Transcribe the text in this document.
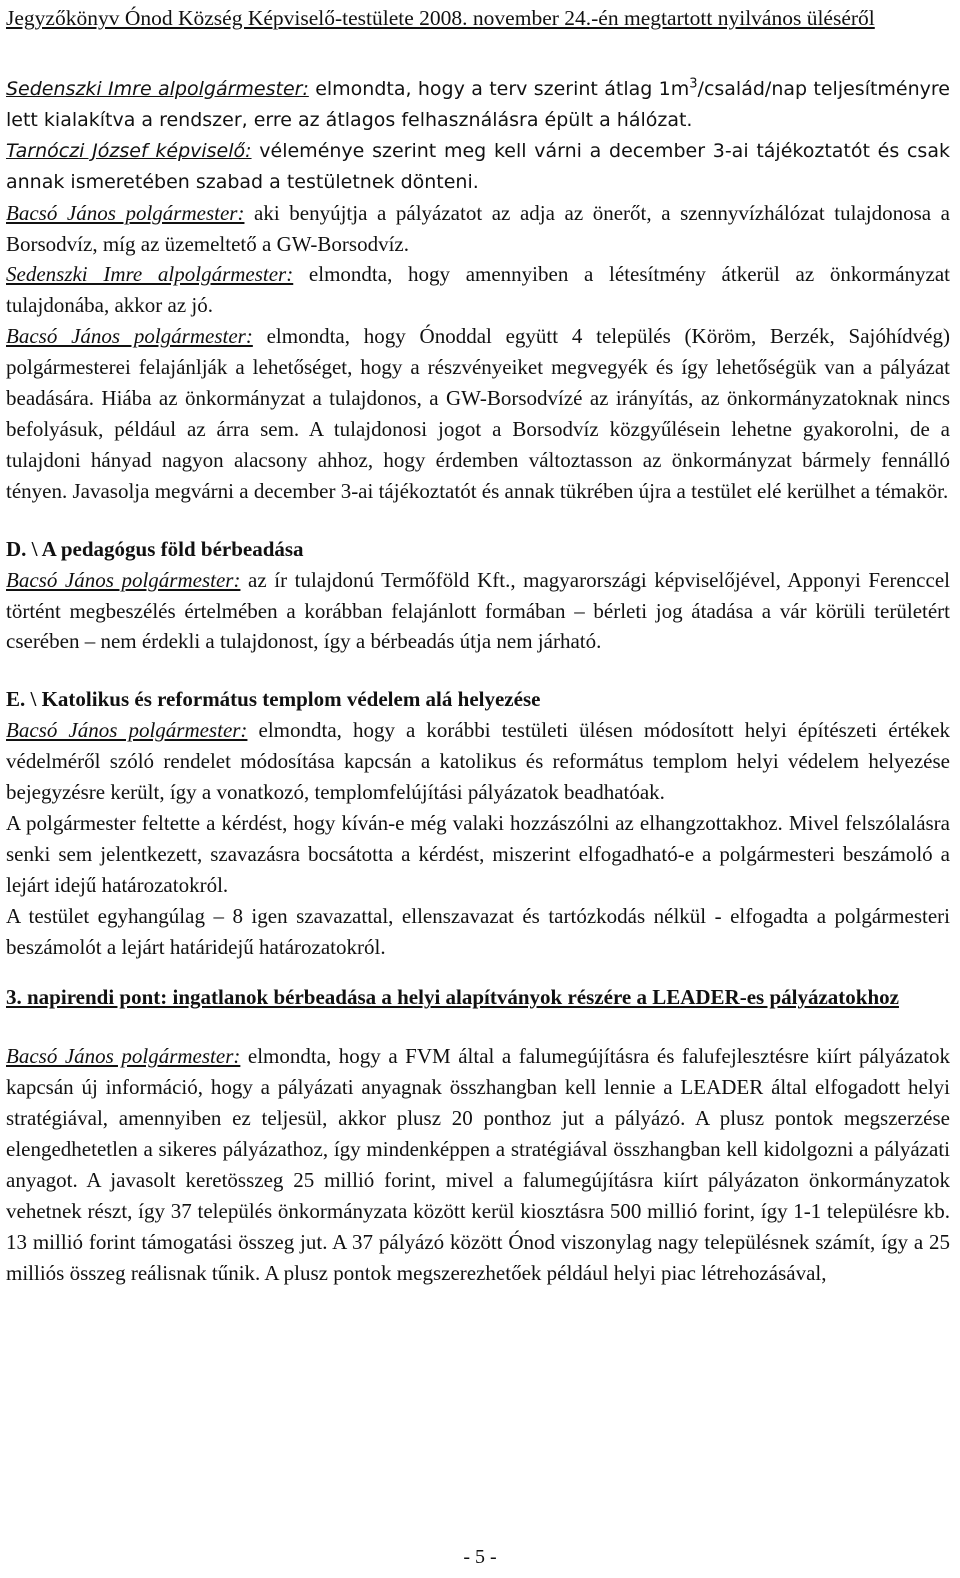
Jegyzőkönyv Ónod Község Képviselő-testülete 2008. november 24.-én megtartott nyilvános üléséről

Sedenszki Imre alpolgármester: elmondta, hogy a terv szerint átlag $1m^3/család$/nap teljesítményre lett kialakítva a rendszer, erre az átlagos felhasználásra épült a hálózat.

Tarnóczi József képviselő: véleménye szerint meg kell várni a december 3-ai tájékoztatót és csak annak ismeretében szabad a testületnek dönteni.

Bacsó János polgármester: aki benyújtja a pályázatot az adja az önerőt, a szennyvízhálózat tulajdonosa a Borsodvíz, míg az üzemeltető a GW-Borsodvíz.

Sedenszki Imre alpolgármester: elmondta, hogy amennyiben a létesítmény átkerül az önkormányzat tulajdonába, akkor az jó.

Bacsó János polgármester: elmondta, hogy Ónoddal együtt 4 település (Köröm, Berzék, Sajóhídvég) polgármesterei felajánlják a lehetőséget, hogy a részvényeiket megvegyék és így lehetőségük van a pályázat beadására. Hiába az önkormányzat a tulajdonos, a GW-Borsodvízé az irányítás, az önkormányzatoknak nincs befolyásuk, például az árra sem. A tulajdonosi jogot a Borsodvíz közgyűlésein lehetne gyakorolni, de a tulajdoni hányad nagyon alacsony ahhoz, hogy érdemben változtasson az önkormányzat bármely fennálló tényen. Javasolja megvárni a december 3-ai tájékoztatót és annak tükrében újra a testület elé kerülhet a témakör.

D. \ A pedagógus föld bérbeadása

Bacsó János polgármester: az ír tulajdonú Termőföld Kft., magyarországi képviselőjével, Apponyi Ferenccel történt megbeszélés értelmében a korábban felajánlott formában – bérleti jog átadása a vár körüli területért cserében – nem érdekli a tulajdonost, így a bérbeadás útja nem járható.

E. \ Katolikus és református templom védelem alá helyezése

Bacsó János polgármester: elmondta, hogy a korábbi testületi ülésen módosított helyi építészeti értékek védelméről szóló rendelet módosítása kapcsán a katolikus és református templom helyi védelem helyezése bejegyzésre került, így a vonatkozó, templomfelújítási pályázatok beadhatóak.

A polgármester feltette a kérdést, hogy kíván-e még valaki hozzászólni az elhangzottakhoz. Mivel felszólalásra senki sem jelentkezett, szavazásra bocsátotta a kérdést, miszerint elfogadható-e a polgármesteri beszámoló a lejárt idejű határozatokról.

A testület egyhangúlag – 8 igen szavazattal, ellenszavazat és tartózkodás nélkül - elfogadta a polgármesteri beszámolót a lejárt határidejű határozatokról.

3. napirendi pont: ingatlanok bérbeadása a helyi alapítványok részére a LEADER-es pályázatokhoz

Bacsó János polgármester: elmondta, hogy a FVM által a falumegújításra és falufejlesztésre kiírt pályázatok kapcsán új információ, hogy a pályázati anyagnak összhangban kell lennie a LEADER által elfogadott helyi stratégiával, amennyiben ez teljesül, akkor plusz 20 ponthoz jut a pályázó. A plusz pontok megszerzése elengedhetetlen a sikeres pályázathoz, így mindenképpen a stratégiával összhangban kell kidolgozni a pályázati anyagot. A javasolt keretösszeg 25 millió forint, mivel a falumegújításra kiírt pályázaton önkormányzatok vehetnek részt, így 37 település önkormányzata között kerül kiosztásra 500 millió forint, így 1-1 településre kb. 13 millió forint támogatási összeg jut. A 37 pályázó között Ónod viszonylag nagy településnek számít, így a 25 milliós összeg reálisnak tűnik. A plusz pontok megszerezhetőek például helyi piac létrehozásával,

- 5 -
